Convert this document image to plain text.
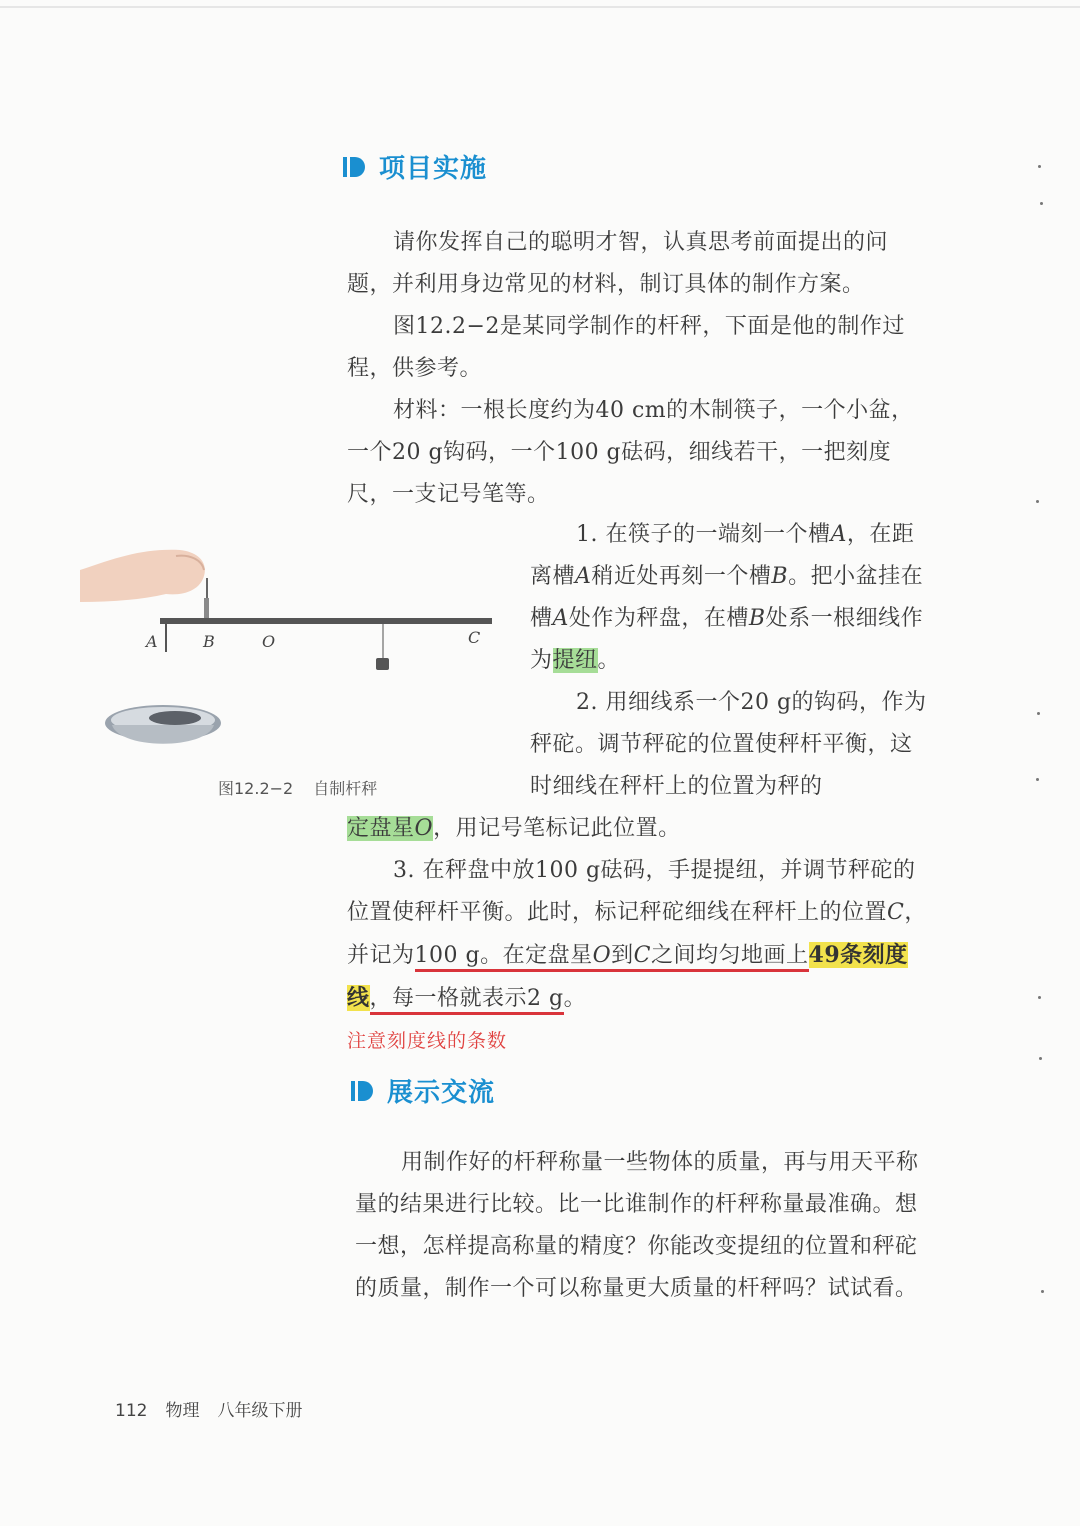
项目实施

请你发挥自己的聪明才智，认真思考前面提出的问题，并利用身边常见的材料，制订具体的制作方案。

图12.2−2是某同学制作的杆秤，下面是他的制作过程，供参考。

材料：一根长度约为40 cm的木制筷子，一个小盆，一个20 g钩码，一个100 g砝码，细线若干，一把刻度尺，一支记号笔等。

A	B	O	C
图12.2−2 自制杆秤
1. 在筷子的一端刻一个槽A，在距离槽A稍近处再刻一个槽B。把小盆挂在槽A处作为秤盘，在槽B处系一根细线作为提纽。
2. 用细线系一个20 g的钩码，作为秤砣。调节秤砣的位置使秤杆平衡，这时细线在秤杆上的位置为秤的
定盘星O，用记号笔标记此位置。
3. 在秤盘中放100 g砝码，手提提纽，并调节秤砣的位置使秤杆平衡。此时，标记秤砣细线在秤杆上的位置C，并记为100 g。在定盘星O到C之间均匀地画上49条刻度线，每一格就表示2 g。
注意刻度线的条数
展示交流

用制作好的杆秤称量一些物体的质量，再与用天平称量的结果进行比较。比一比谁制作的杆秤称量最准确。想一想，怎样提高称量的精度？你能改变提纽的位置和秤砣的质量，制作一个可以称量更大质量的杆秤吗？试试看。

112 物理 八年级下册
